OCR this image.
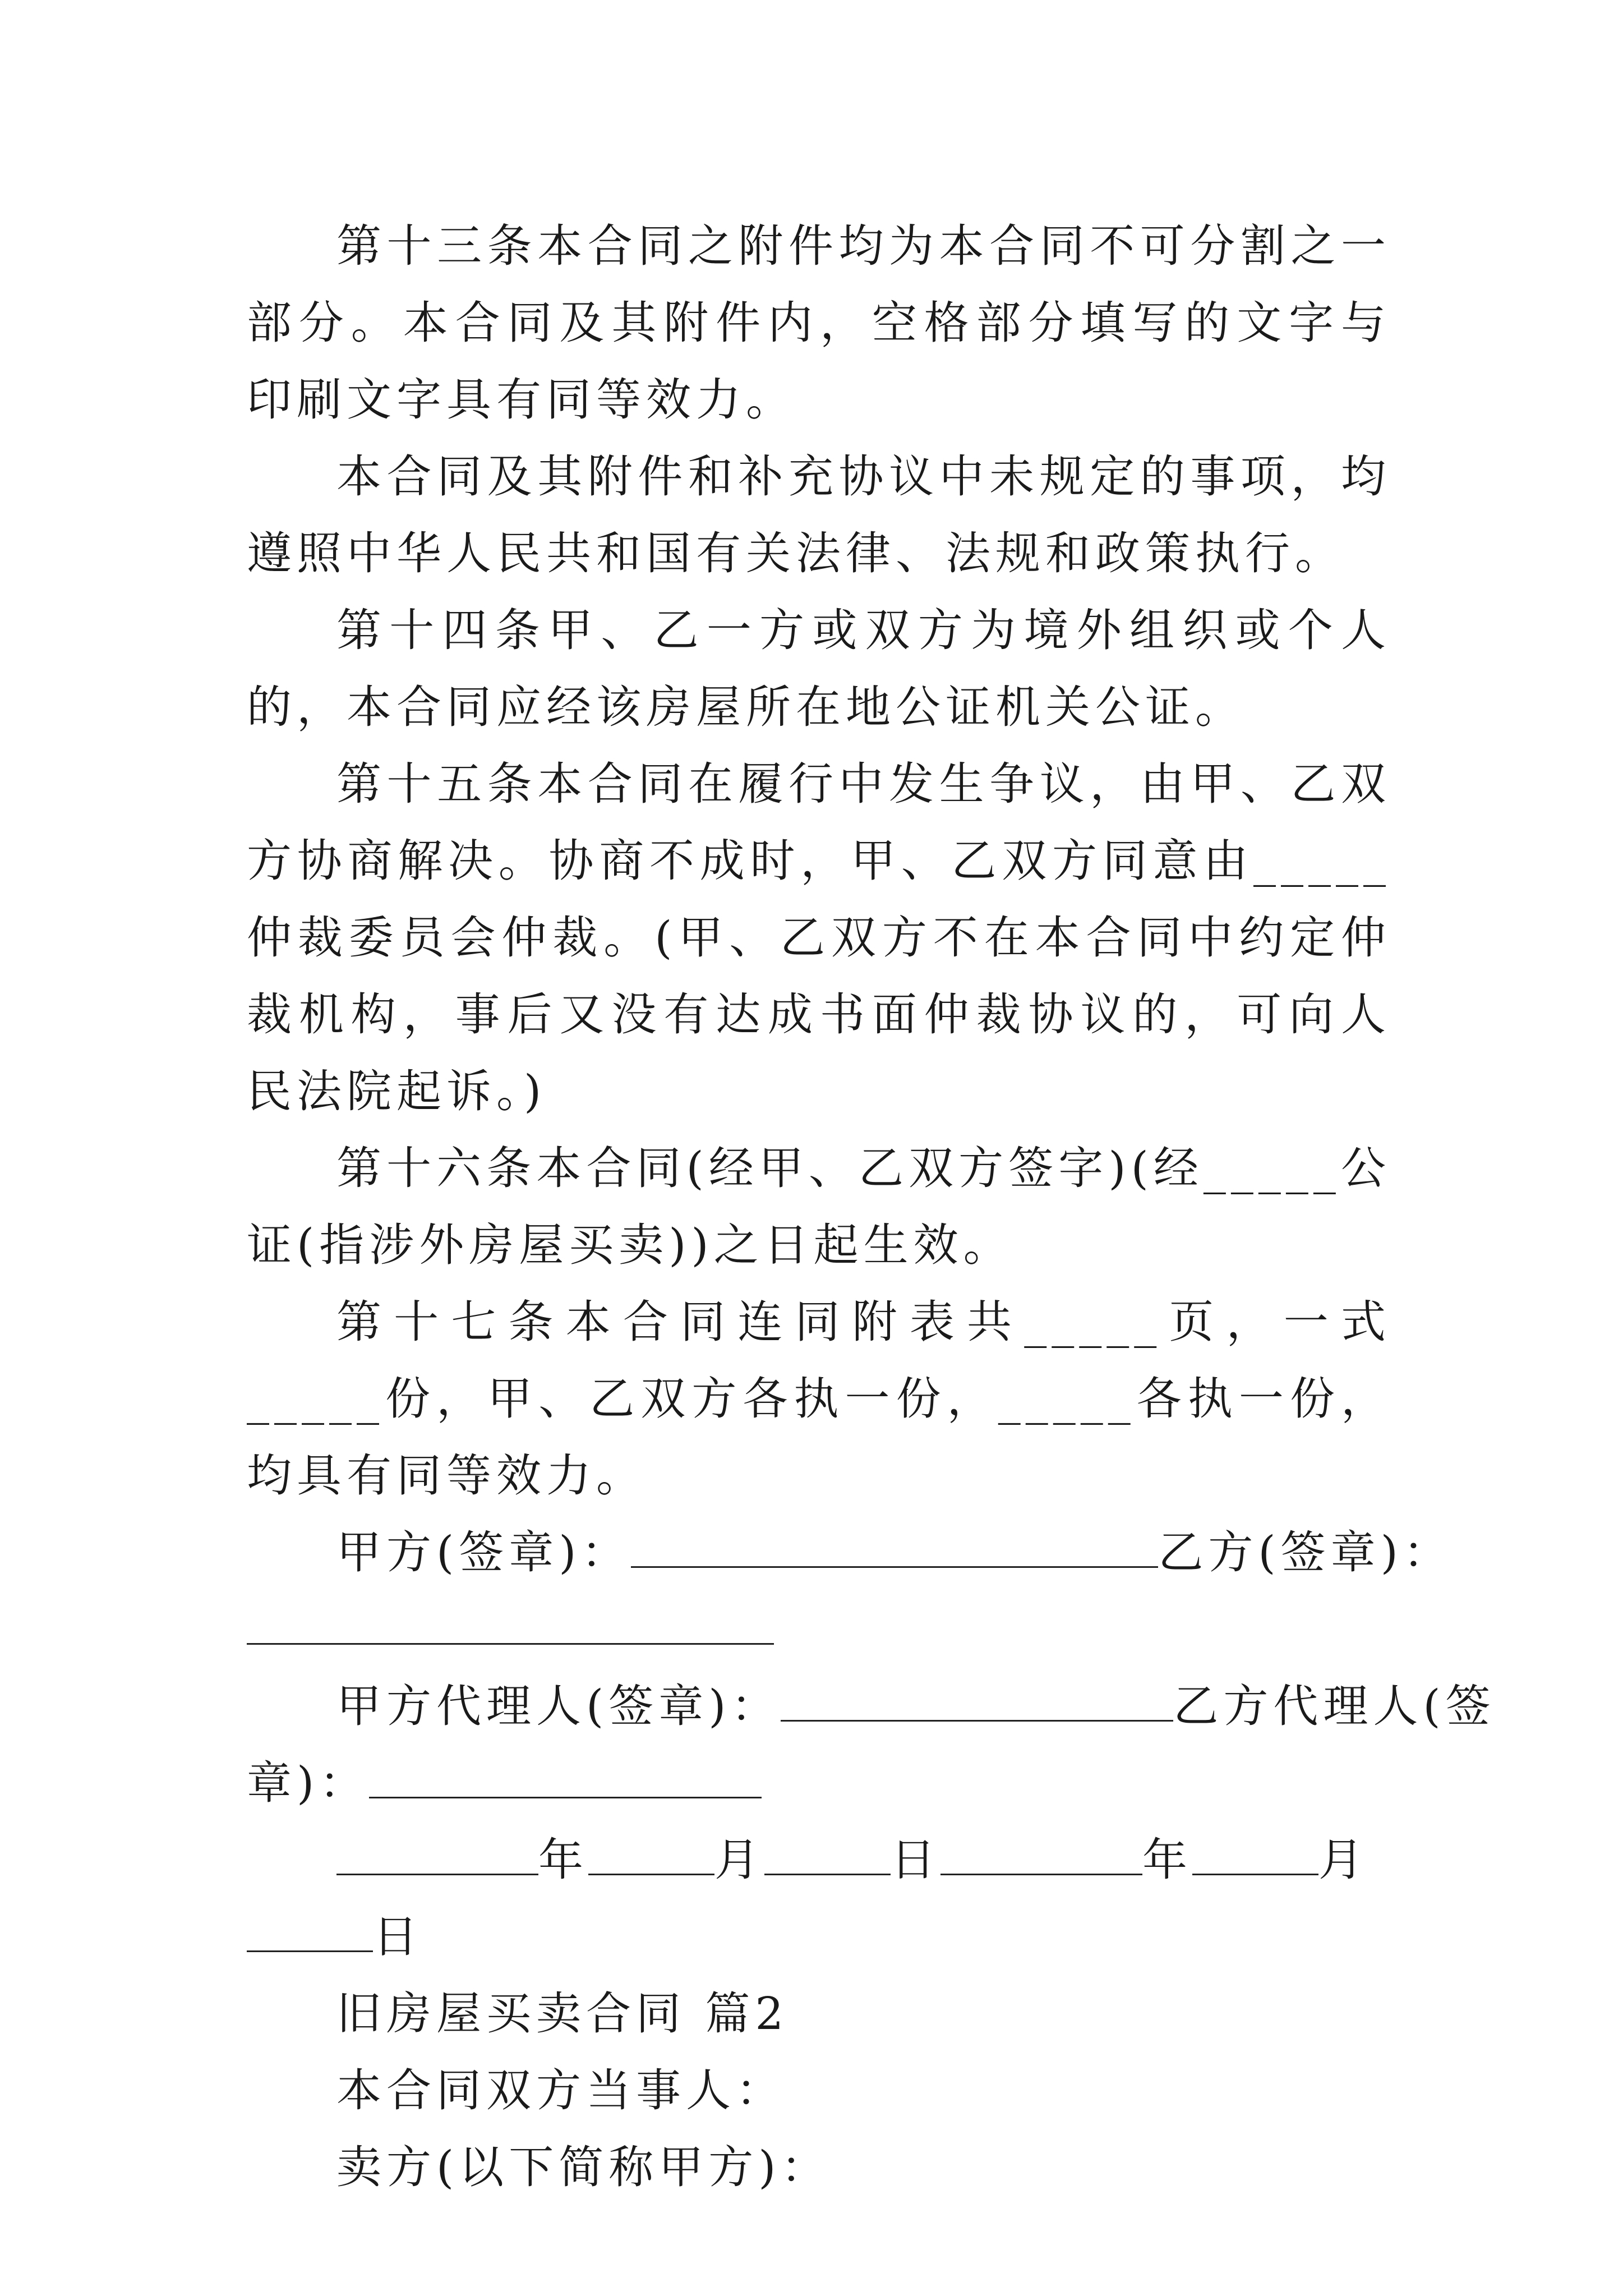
第十三条本合同之附件均为本合同不可分割之一部分。本合同及其附件内，空格部分填写的文字与印刷文字具有同等效力。

本合同及其附件和补充协议中未规定的事项，均遵照中华人民共和国有关法律、法规和政策执行。

第十四条甲、乙一方或双方为境外组织或个人的，本合同应经该房屋所在地公证机关公证。

第十五条本合同在履行中发生争议，由甲、乙双方协商解决。协商不成时，甲、乙双方同意由_____仲裁委员会仲裁。(甲、乙双方不在本合同中约定仲裁机构，事后又没有达成书面仲裁协议的，可向人民法院起诉。)

第十六条本合同(经甲、乙双方签字)(经_____公证(指涉外房屋买卖))之日起生效。

第十七条本合同连同附表共_____页，一式_____份，甲、乙双方各执一份，_____各执一份，均具有同等效力。

甲方(签章)：	乙方(签章)：
甲方代理人(签章)：	乙方代理人(签
章)：
年	月	日	年	月
日

旧房屋买卖合同 篇2

本合同双方当事人：

卖方(以下简称甲方)：
